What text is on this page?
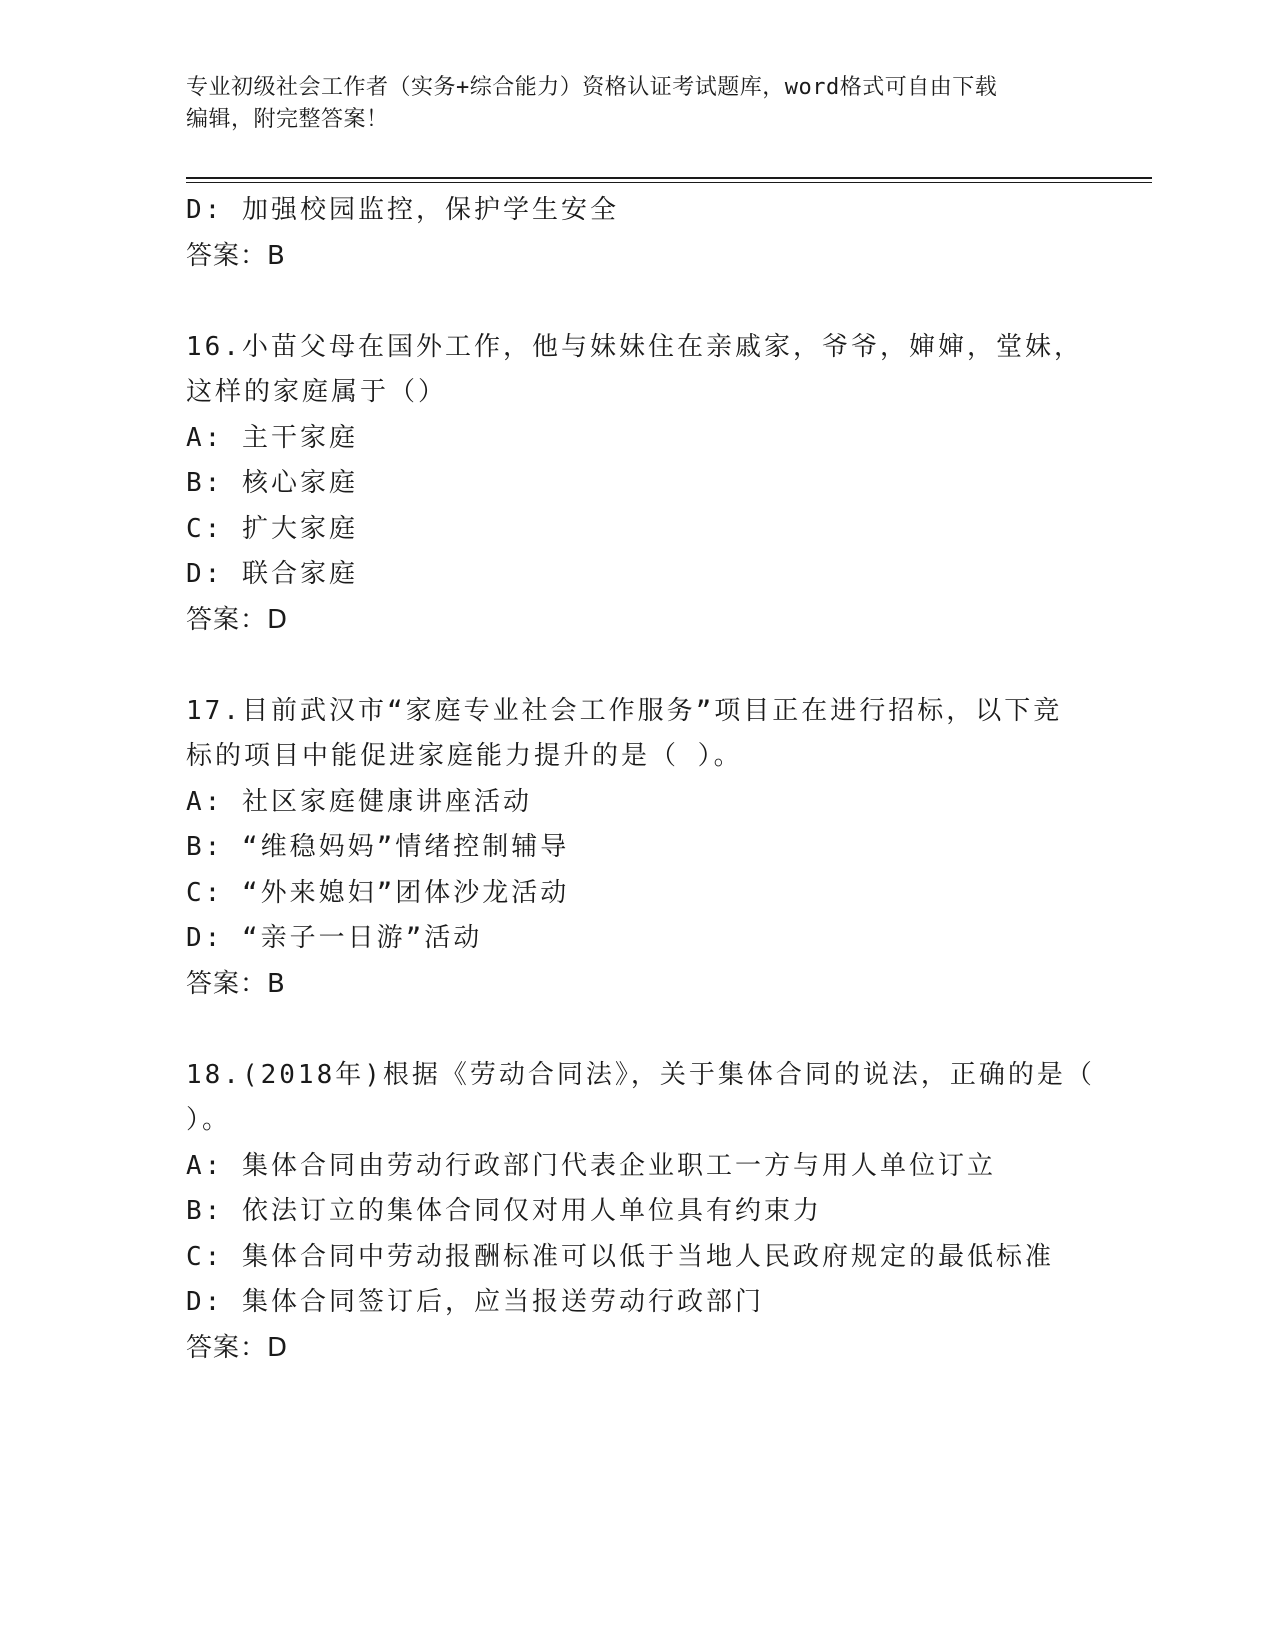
专业初级社会工作者（实务+综合能力）资格认证考试题库，word格式可自由下载
编辑，附完整答案！
D: 加强校园监控，保护学生安全
答案：B
16.小苗父母在国外工作，他与妹妹住在亲戚家，爷爷，婶婶，堂妹，
这样的家庭属于（）
A: 主干家庭
B: 核心家庭
C: 扩大家庭
D: 联合家庭
答案：D
17.目前武汉市“家庭专业社会工作服务”项目正在进行招标，以下竞
标的项目中能促进家庭能力提升的是（ ）。
A: 社区家庭健康讲座活动
B: “维稳妈妈”情绪控制辅导
C: “外来媳妇”团体沙龙活动
D: “亲子一日游”活动
答案：B
18.(2018年)根据《劳动合同法》，关于集体合同的说法，正确的是（
）。
A: 集体合同由劳动行政部门代表企业职工一方与用人单位订立
B: 依法订立的集体合同仅对用人单位具有约束力
C: 集体合同中劳动报酬标准可以低于当地人民政府规定的最低标准
D: 集体合同签订后，应当报送劳动行政部门
答案：D
